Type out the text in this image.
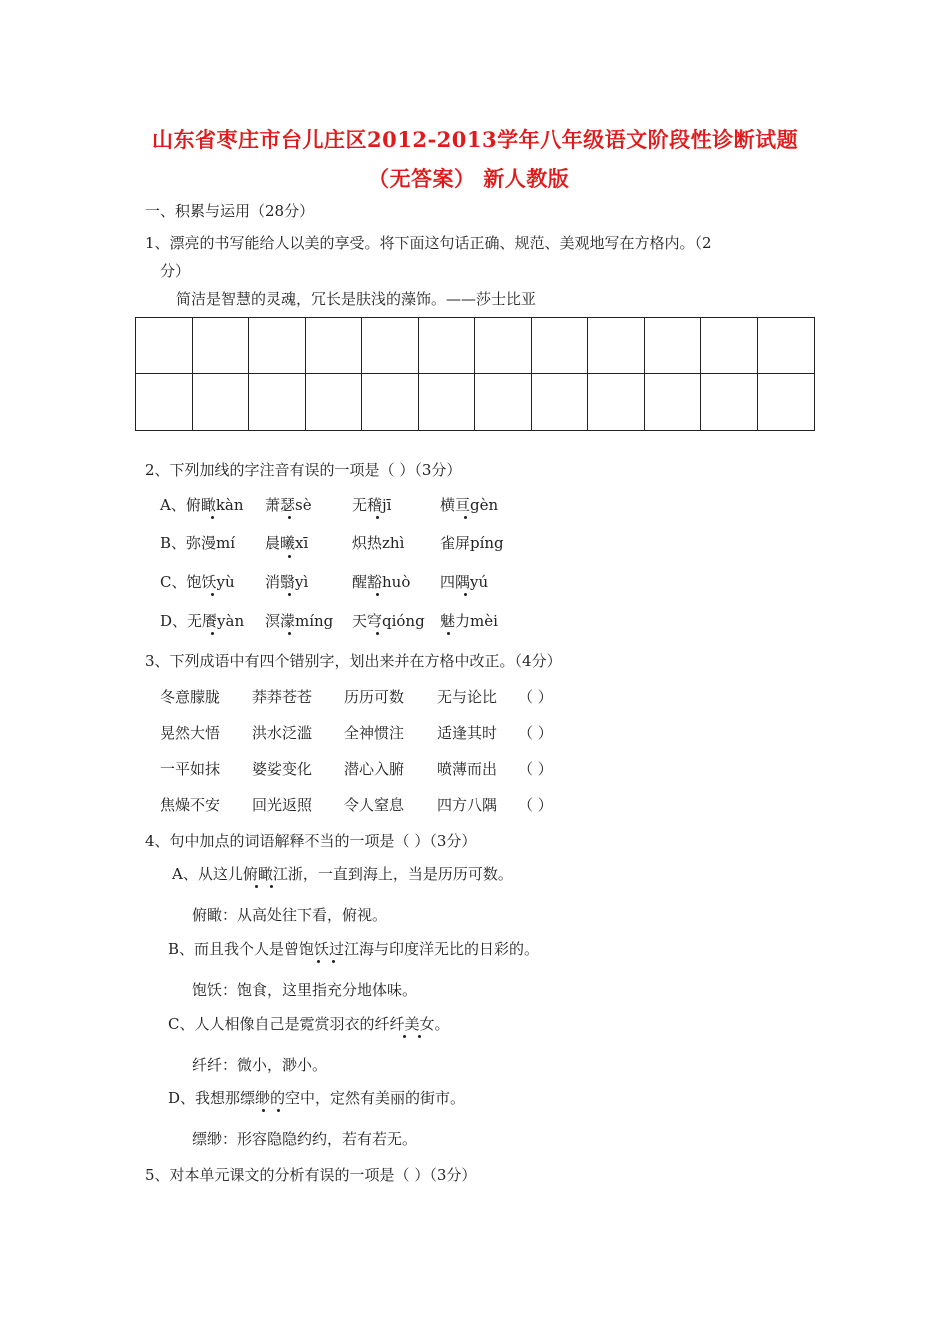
山东省枣庄市台儿庄区2012-2013学年八年级语文阶段性诊断试题
（无答案） 新人教版
一、积累与运用（28分）
1、漂亮的书写能给人以美的享受。将下面这句话正确、规范、美观地写在方格内。（2
分）
简洁是智慧的灵魂，冗长是肤浅的藻饰。——莎士比亚
2、下列加线的字注音有误的一项是（ ）（3分）
A、俯瞰kàn 萧瑟sè	无稽jī	横亘gèn
B、弥漫mí 晨曦xī	炽热zhì 雀屏píng
C、饱饫yù 消翳yì	醒豁huò 四隅yú
D、无餍yàn 溟濛míng 天穹qióng 魅力mèi
3、下列成语中有四个错别字，划出来并在方格中改正。（4分）
冬意朦胧 莽莽苍苍 历历可数 无与论比 （ ）
晃然大悟 洪水泛滥 全神惯注 适逢其时 （ ）
一平如抹 婆娑变化 潜心入腑 喷薄而出 （ ）
焦燥不安 回光返照 令人窒息 四方八隅 （ ）
4、句中加点的词语解释不当的一项是（ ）（3分）
A、从这儿俯瞰江浙，一直到海上，当是历历可数。
俯瞰：从高处往下看，俯视。
B、而且我个人是曾饱饫过江海与印度洋无比的日彩的。
饱饫：饱食，这里指充分地体味。
C、人人相像自己是霓赏羽衣的纤纤美女。
纤纤：微小，渺小。
D、我想那缥缈的空中，定然有美丽的街市。
缥缈：形容隐隐约约，若有若无。
5、对本单元课文的分析有误的一项是（ ）（3分）
